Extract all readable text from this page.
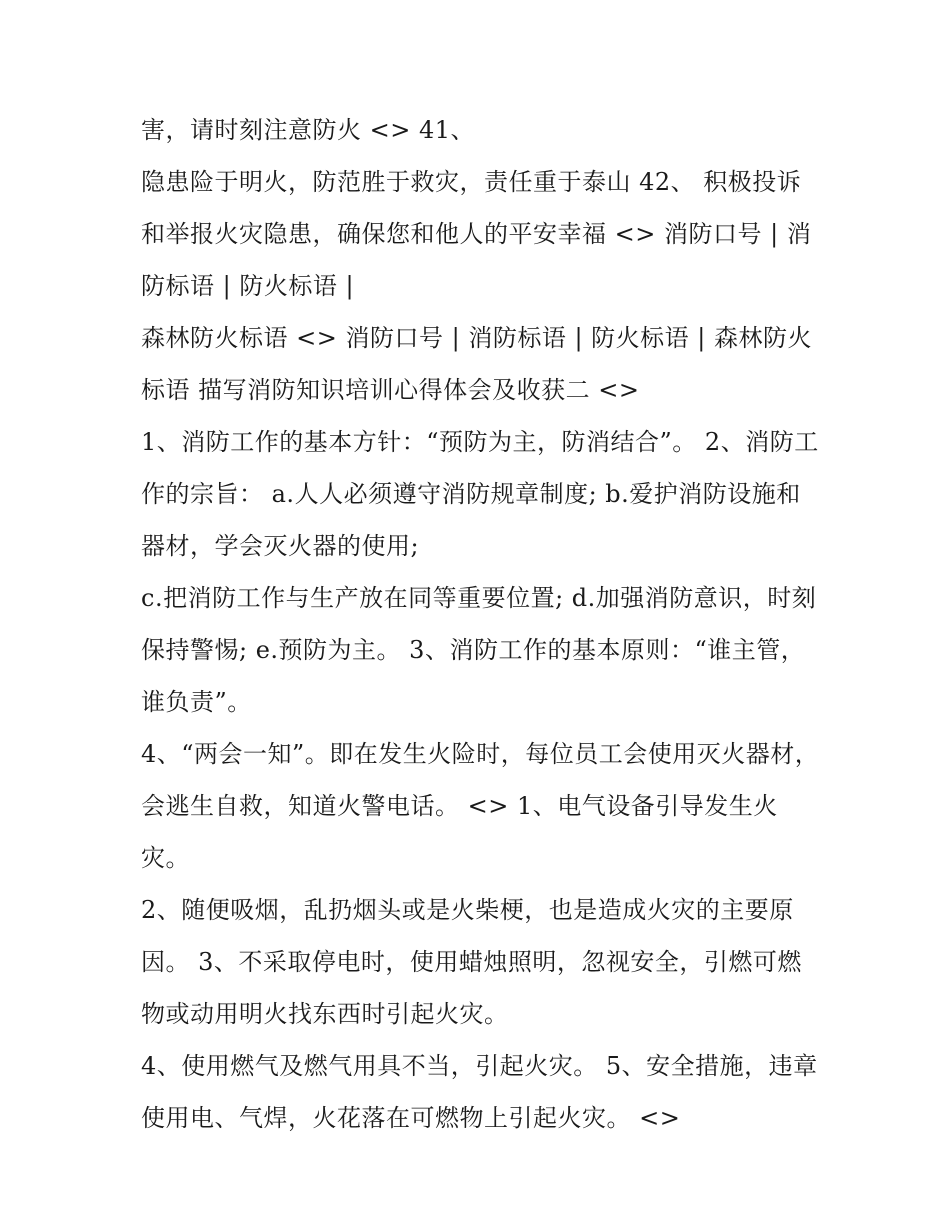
害，请时刻注意防火 <> 41、

隐患险于明火，防范胜于救灾，责任重于泰山 42、 积极投诉和举报火灾隐患，确保您和他人的平安幸福 <> 消防口号 | 消防标语 | 防火标语 |

森林防火标语 <> 消防口号 | 消防标语 | 防火标语 | 森林防火标语 描写消防知识培训心得体会及收获二 <>

1、消防工作的基本方针：“预防为主，防消结合”。 2、消防工作的宗旨： a.人人必须遵守消防规章制度; b.爱护消防设施和器材，学会灭火器的使用;

c.把消防工作与生产放在同等重要位置; d.加强消防意识，时刻保持警惕; e.预防为主。 3、消防工作的基本原则：“谁主管，谁负责”。

4、“两会一知”。即在发生火险时，每位员工会使用灭火器材，会逃生自救，知道火警电话。 <> 1、电气设备引导发生火灾。

2、随便吸烟，乱扔烟头或是火柴梗，也是造成火灾的主要原因。 3、不采取停电时，使用蜡烛照明，忽视安全，引燃可燃物或动用明火找东西时引起火灾。

4、使用燃气及燃气用具不当，引起火灾。 5、安全措施，违章使用电、气焊，火花落在可燃物上引起火灾。 <>
